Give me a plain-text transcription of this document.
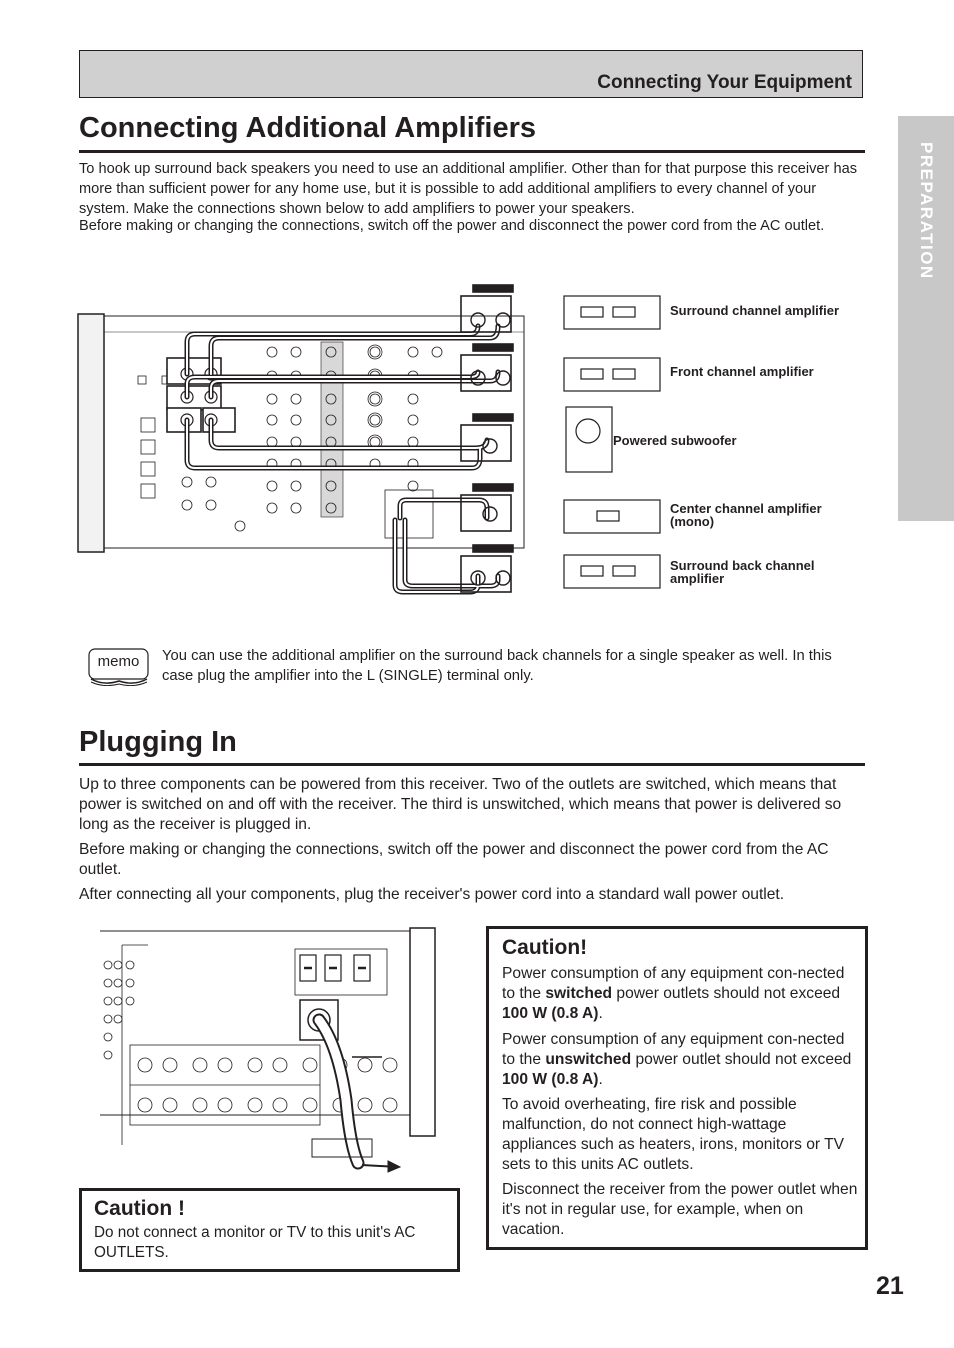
Connecting Your Equipment
PREPARATION
Connecting Additional Amplifiers

To hook up surround back speakers you need to use an additional amplifier. Other than for that purpose this receiver has more than sufficient power for any home use, but it is possible to add additional amplifiers to every channel of your system. Make the connections shown below to add amplifiers to power your speakers.

Before making or changing the connections, switch off the power and disconnect the power cord from the AC outlet.

Surround channel amplifier
Front channel amplifier
Powered subwoofer
Center channel amplifier
(mono)
Surround back channel
amplifier
memo	You can use the additional amplifier on the surround back channels for a single speaker as well. In this case plug the amplifier into the L (SINGLE) terminal only.

Plugging In

Up to three components can be powered from this receiver. Two of the outlets are switched, which means that power is switched on and off with the receiver. The third is unswitched, which means that power is delivered so long as the receiver is plugged in.

Before making or changing the connections, switch off the power and disconnect the power cord from the AC outlet.

After connecting all your components, plug the receiver's power cord into a standard wall power outlet.

Caution !

Do not connect a monitor or TV to this unit's AC OUTLETS.

Caution!

Power consumption of any equipment con-nected to the switched power outlets should not exceed 100 W (0.8 A).

Power consumption of any equipment con-nected to the unswitched power outlet should not exceed 100 W (0.8 A).

To avoid overheating, fire risk and possible malfunction, do not connect high-wattage appliances such as heaters, irons, monitors or TV sets to this units AC outlets.

Disconnect the receiver from the power outlet when it's not in regular use, for example, when on vacation.

21
